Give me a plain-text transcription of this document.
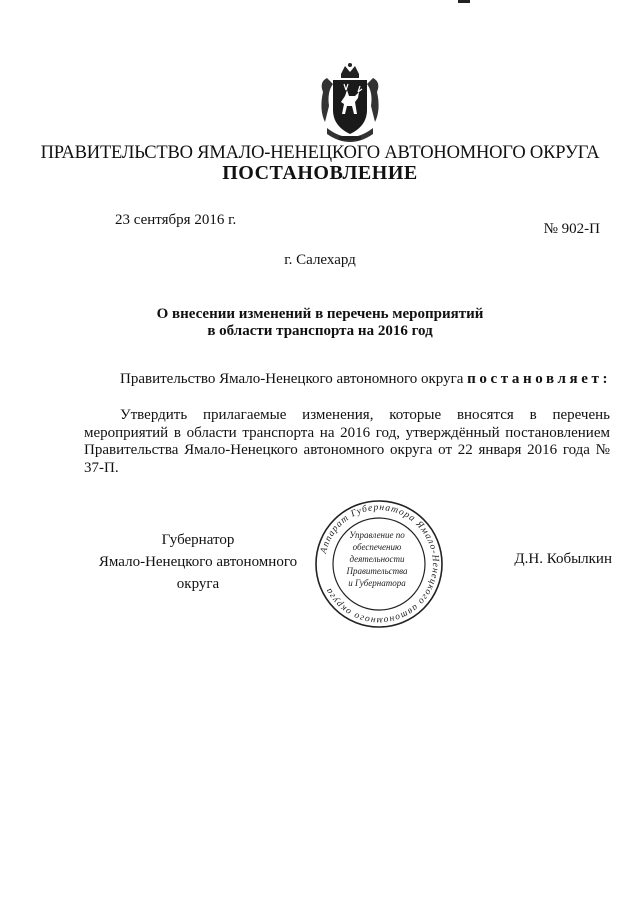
ПРАВИТЕЛЬСТВО ЯМАЛО-НЕНЕЦКОГО АВТОНОМНОГО ОКРУГА
ПОСТАНОВЛЕНИЕ
23 сентября 2016 г.
№ 902-П
г. Салехард
О внесении изменений в перечень мероприятий
в области транспорта на 2016 год
Правительство Ямало-Ненецкого автономного округа постановляет:
Утвердить прилагаемые изменения, которые вносятся в перечень мероприятий в области транспорта на 2016 год, утверждённый постановлением Правительства Ямало-Ненецкого автономного округа от 22 января 2016 года № 37-П.
Губернатор
Ямало-Ненецкого автономного округа
Д.Н. Кобылкин
Аппарат Губернатора Ямало-Ненецкого автономного округа
Управление по
обеспечению
деятельности
Правительства
и Губернатора
